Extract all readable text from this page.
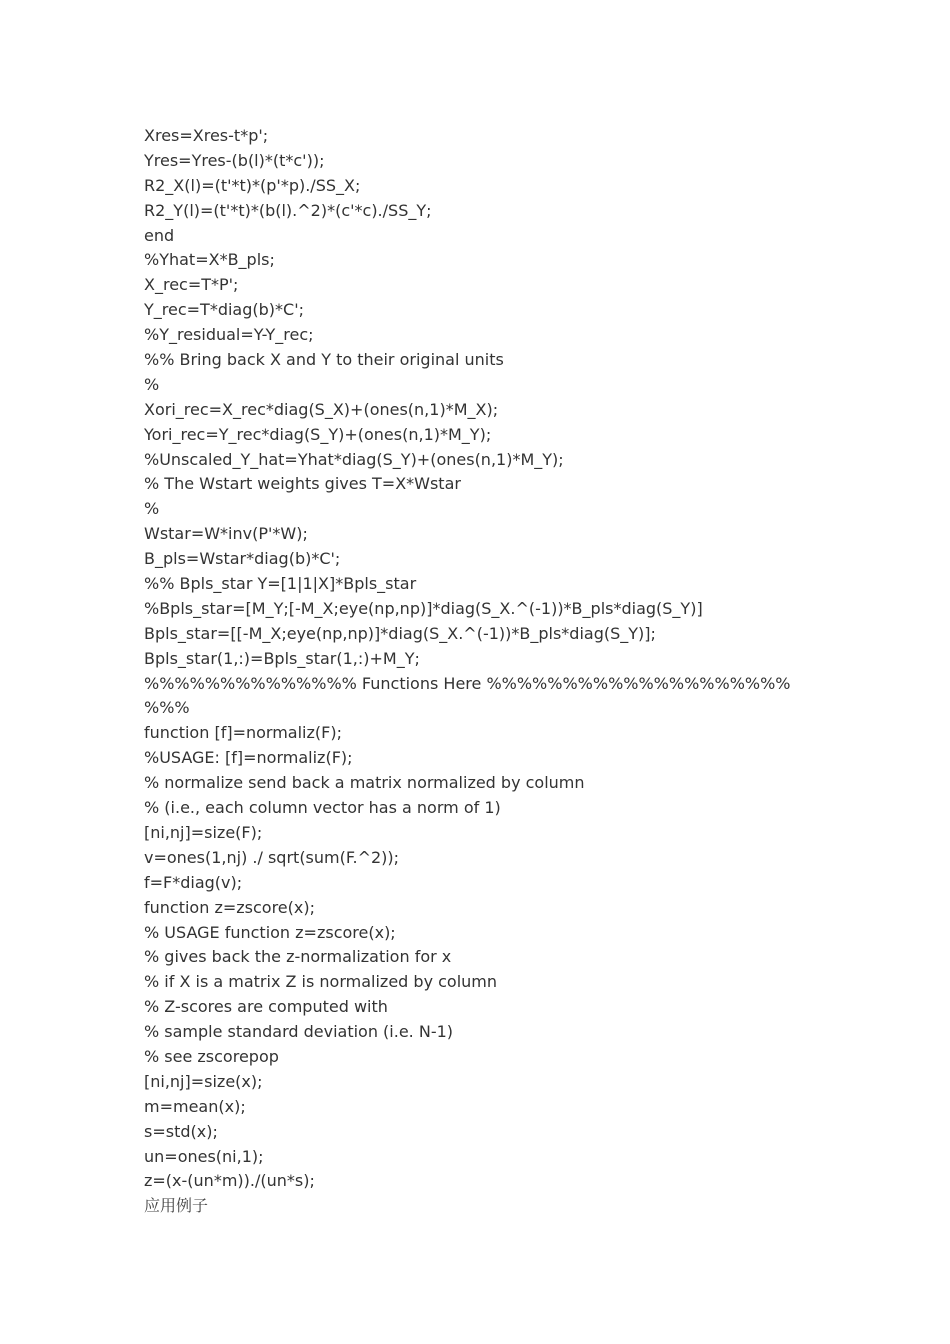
Xres=Xres-t*p';
Yres=Yres-(b(l)*(t*c'));
R2_X(l)=(t'*t)*(p'*p)./SS_X;
R2_Y(l)=(t'*t)*(b(l).^2)*(c'*c)./SS_Y;
end
%Yhat=X*B_pls;
X_rec=T*P';
Y_rec=T*diag(b)*C';
%Y_residual=Y-Y_rec;
%% Bring back X and Y to their original units
%
Xori_rec=X_rec*diag(S_X)+(ones(n,1)*M_X);
Yori_rec=Y_rec*diag(S_Y)+(ones(n,1)*M_Y);
%Unscaled_Y_hat=Yhat*diag(S_Y)+(ones(n,1)*M_Y);
% The Wstart weights gives T=X*Wstar
%
Wstar=W*inv(P'*W);
B_pls=Wstar*diag(b)*C';
%% Bpls_star Y=[1|1|X]*Bpls_star
%Bpls_star=[M_Y;[-M_X;eye(np,np)]*diag(S_X.^(-1))*B_pls*diag(S_Y)]
Bpls_star=[[-M_X;eye(np,np)]*diag(S_X.^(-1))*B_pls*diag(S_Y)];
Bpls_star(1,:)=Bpls_star(1,:)+M_Y;
%%%%%%%%%%%%%% Functions Here %%%%%%%%%%%%%%%%%%%%
%%%
function [f]=normaliz(F);
%USAGE: [f]=normaliz(F);
% normalize send back a matrix normalized by column
% (i.e., each column vector has a norm of 1)
[ni,nj]=size(F);
v=ones(1,nj) ./ sqrt(sum(F.^2));
f=F*diag(v);
function z=zscore(x);
% USAGE function z=zscore(x);
% gives back the z-normalization for x
% if X is a matrix Z is normalized by column
% Z-scores are computed with
% sample standard deviation (i.e. N-1)
% see zscorepop
[ni,nj]=size(x);
m=mean(x);
s=std(x);
un=ones(ni,1);
z=(x-(un*m))./(un*s);
应用例子
